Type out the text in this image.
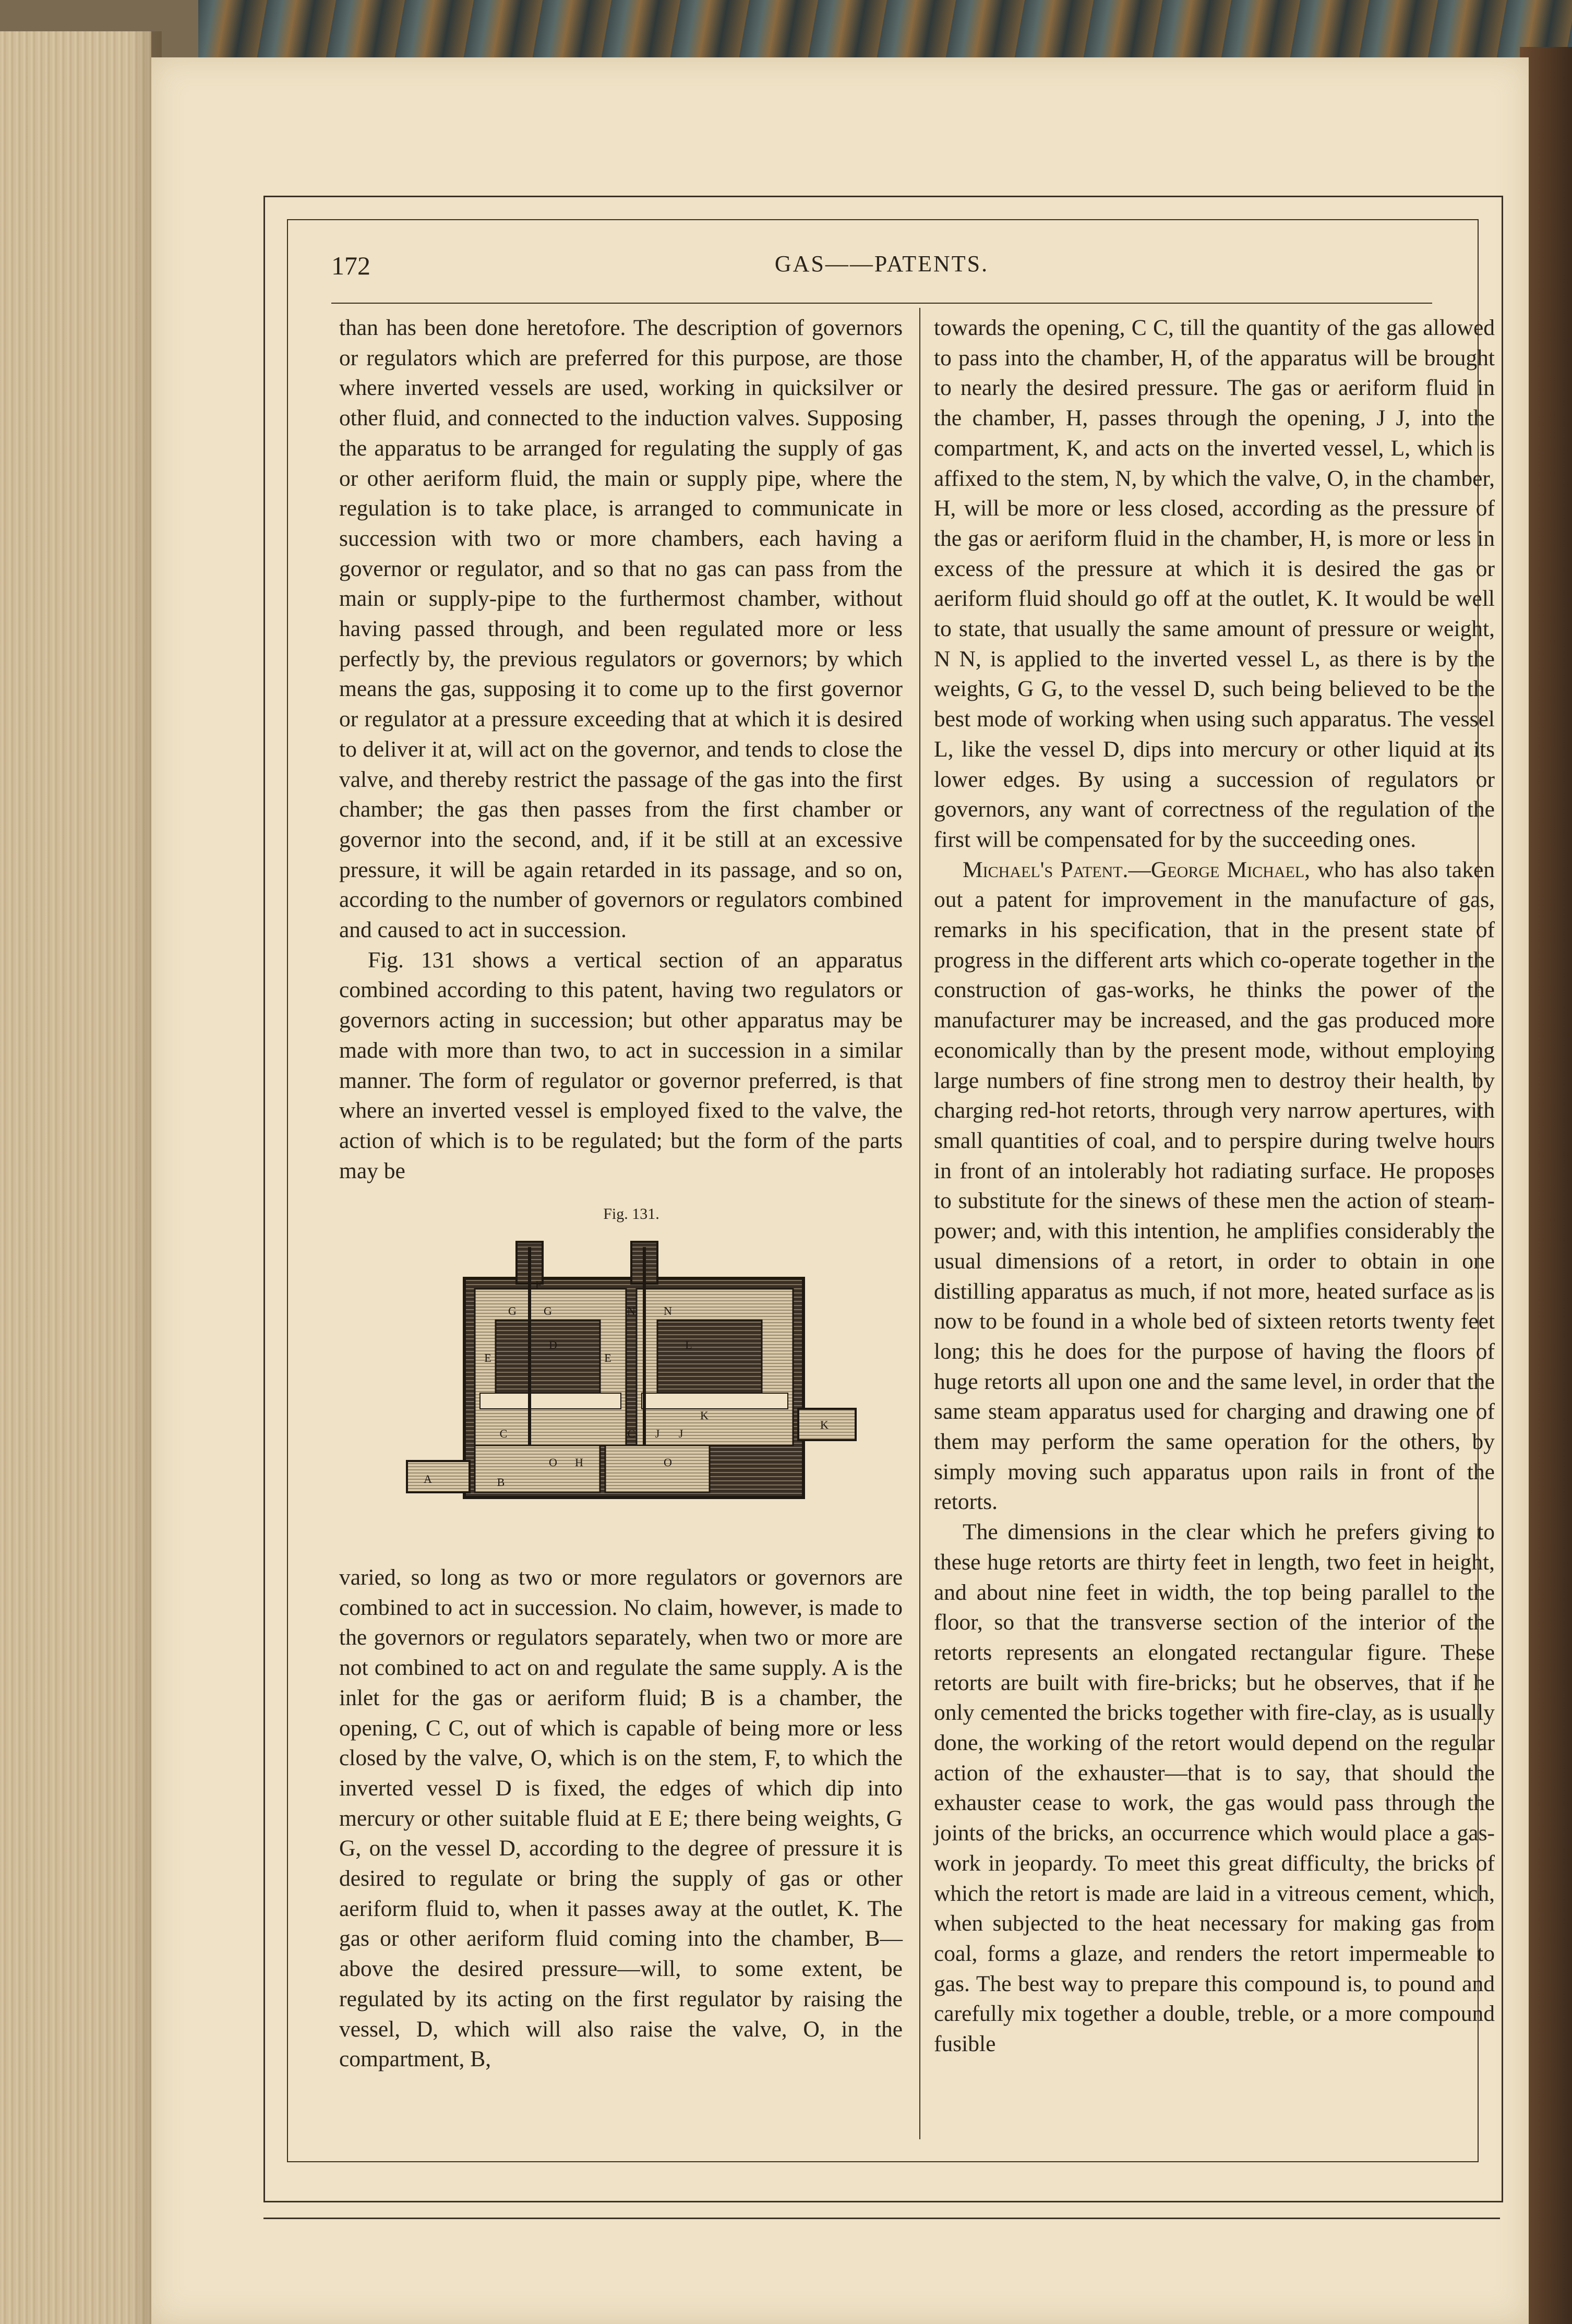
172	GAS——PATENTS.

than has been done heretofore. The description of governors or regulators which are preferred for this purpose, are those where inverted vessels are used, working in quicksilver or other fluid, and connected to the induction valves. Supposing the apparatus to be arranged for regulating the supply of gas or other aeriform fluid, the main or supply pipe, where the regulation is to take place, is arranged to communicate in succession with two or more chambers, each having a governor or regulator, and so that no gas can pass from the main or supply-pipe to the furthermost chamber, without having passed through, and been regulated more or less perfectly by, the previous regulators or governors; by which means the gas, supposing it to come up to the first governor or regulator at a pressure exceeding that at which it is desired to deliver it at, will act on the governor, and tends to close the valve, and thereby restrict the passage of the gas into the first chamber; the gas then passes from the first chamber or governor into the second, and, if it be still at an excessive pressure, it will be again retarded in its passage, and so on, according to the number of governors or regulators combined and caused to act in succession.

Fig. 131 shows a vertical section of an apparatus combined according to this patent, having two regulators or governors acting in succession; but other apparatus may be made with more than two, to act in succession in a similar manner. The form of regulator or governor preferred, is that where an inverted vessel is employed fixed to the valve, the action of which is to be regulated; but the form of the parts may be

Fig. 131.
A	B
C	C
D
E	E
F
G G
H
J J
K
K
L
N N
O	O

varied, so long as two or more regulators or governors are combined to act in succession. No claim, however, is made to the governors or regulators separately, when two or more are not combined to act on and regulate the same supply. A is the inlet for the gas or aeriform fluid; B is a chamber, the opening, C C, out of which is capable of being more or less closed by the valve, O, which is on the stem, F, to which the inverted vessel D is fixed, the edges of which dip into mercury or other suitable fluid at E E; there being weights, G G, on the vessel D, according to the degree of pressure it is desired to regulate or bring the supply of gas or other aeriform fluid to, when it passes away at the outlet, K. The gas or other aeriform fluid coming into the chamber, B—above the desired pressure—will, to some extent, be regulated by its acting on the first regulator by raising the vessel, D, which will also raise the valve, O, in the compartment, B,

towards the opening, C C, till the quantity of the gas allowed to pass into the chamber, H, of the apparatus will be brought to nearly the desired pressure. The gas or aeriform fluid in the chamber, H, passes through the opening, J J, into the compartment, K, and acts on the inverted vessel, L, which is affixed to the stem, N, by which the valve, O, in the chamber, H, will be more or less closed, according as the pressure of the gas or aeriform fluid in the chamber, H, is more or less in excess of the pressure at which it is desired the gas or aeriform fluid should go off at the outlet, K. It would be well to state, that usually the same amount of pressure or weight, N N, is applied to the inverted vessel L, as there is by the weights, G G, to the vessel D, such being believed to be the best mode of working when using such apparatus. The vessel L, like the vessel D, dips into mercury or other liquid at its lower edges. By using a succession of regulators or governors, any want of correctness of the regulation of the first will be compensated for by the succeeding ones.

Michael's Patent.—George Michael, who has also taken out a patent for improvement in the manufacture of gas, remarks in his specification, that in the present state of progress in the different arts which co-operate together in the construction of gas-works, he thinks the power of the manufacturer may be increased, and the gas produced more economically than by the present mode, without employing large numbers of fine strong men to destroy their health, by charging red-hot retorts, through very narrow apertures, with small quantities of coal, and to perspire during twelve hours in front of an intolerably hot radiating surface. He proposes to substitute for the sinews of these men the action of steam-power; and, with this intention, he amplifies considerably the usual dimensions of a retort, in order to obtain in one distilling apparatus as much, if not more, heated surface as is now to be found in a whole bed of sixteen retorts twenty feet long; this he does for the purpose of having the floors of huge retorts all upon one and the same level, in order that the same steam apparatus used for charging and drawing one of them may perform the same operation for the others, by simply moving such apparatus upon rails in front of the retorts.

The dimensions in the clear which he prefers giving to these huge retorts are thirty feet in length, two feet in height, and about nine feet in width, the top being parallel to the floor, so that the transverse section of the interior of the retorts represents an elongated rectangular figure. These retorts are built with fire-bricks; but he observes, that if he only cemented the bricks together with fire-clay, as is usually done, the working of the retort would depend on the regular action of the exhauster—that is to say, that should the exhauster cease to work, the gas would pass through the joints of the bricks, an occurrence which would place a gas-work in jeopardy. To meet this great difficulty, the bricks of which the retort is made are laid in a vitreous cement, which, when subjected to the heat necessary for making gas from coal, forms a glaze, and renders the retort impermeable to gas. The best way to prepare this compound is, to pound and carefully mix together a double, treble, or a more compound fusible
